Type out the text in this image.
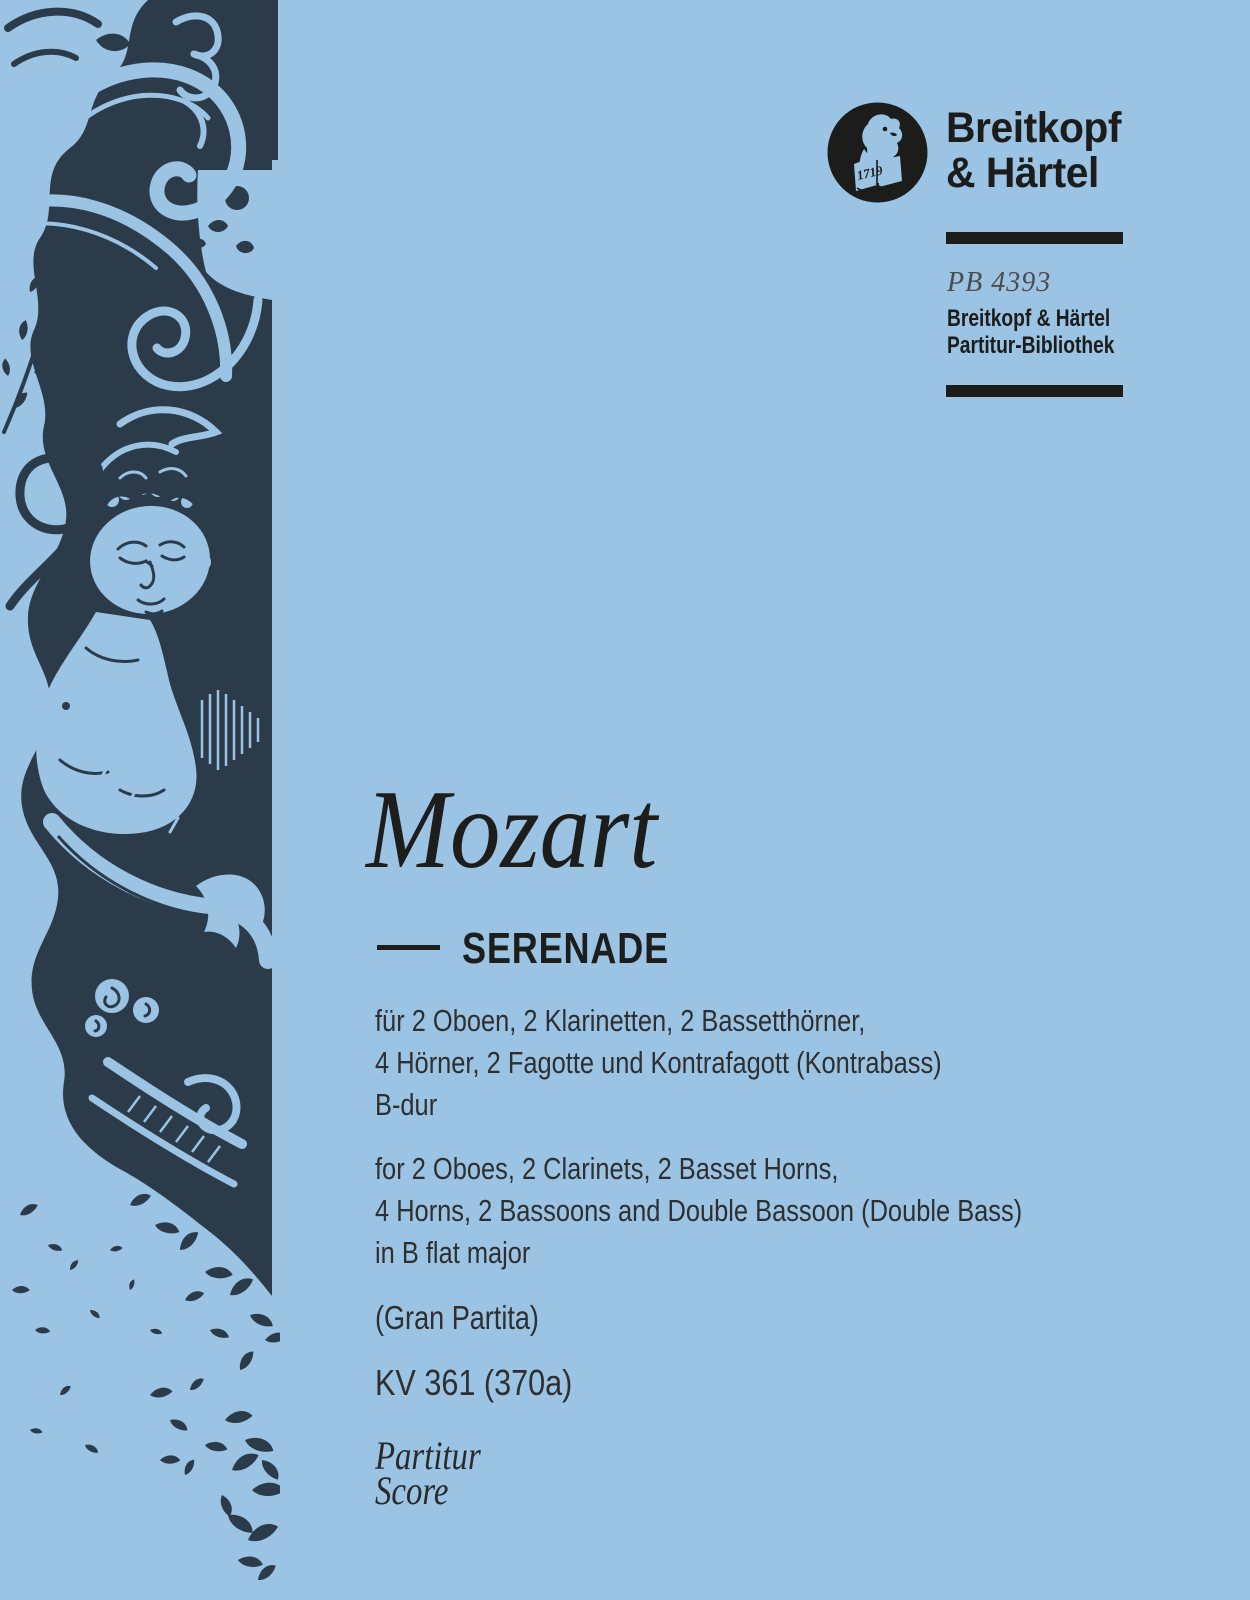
1719
Breitkopf
& Härtel
PB 4393
Breitkopf & Härtel
Partitur-Bibliothek
Mozart
SERENADE
für 2 Oboen, 2 Klarinetten, 2 Bassetthörner,
4 Hörner, 2 Fagotte und Kontrafagott (Kontrabass)
B-dur
for 2 Oboes, 2 Clarinets, 2 Basset Horns,
4 Horns, 2 Bassoons and Double Bassoon (Double Bass)
in B flat major
(Gran Partita)
KV 361 (370a)
Partitur
Score
